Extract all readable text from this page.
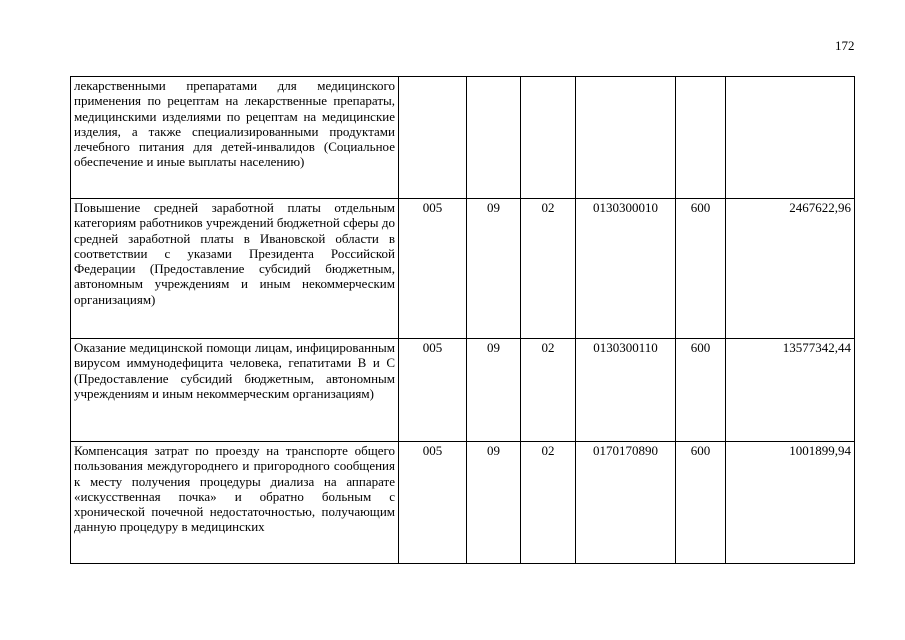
172
лекарственными препаратами для медицинского применения по рецептам на лекарственные препараты, медицинскими изделиями по рецептам на медицинские изделия, а также специализированными продуктами лечебного питания для детей-инвалидов (Социальное обеспечение и иные выплаты населению)						
Повышение средней заработной платы отдельным категориям работников учреждений бюджетной сферы до средней заработной платы в Ивановской области в соответствии с указами Президента Российской Федерации (Предоставление субсидий бюджетным, автономным учреждениям и иным некоммерческим организациям)	005	09	02	0130300010	600	2467622,96
Оказание медицинской помощи лицам, инфицированным вирусом иммунодефицита человека, гепатитами B и C (Предоставление субсидий бюджетным, автономным учреждениям и иным некоммерческим организациям)	005	09	02	0130300110	600	13577342,44
Компенсация затрат по проезду на транспорте общего пользования междугороднего и пригородного сообщения к месту получения процедуры диализа на аппарате «искусственная почка» и обратно больным с хронической почечной недостаточностью, получающим данную процедуру в медицинских	005	09	02	0170170890	600	1001899,94
